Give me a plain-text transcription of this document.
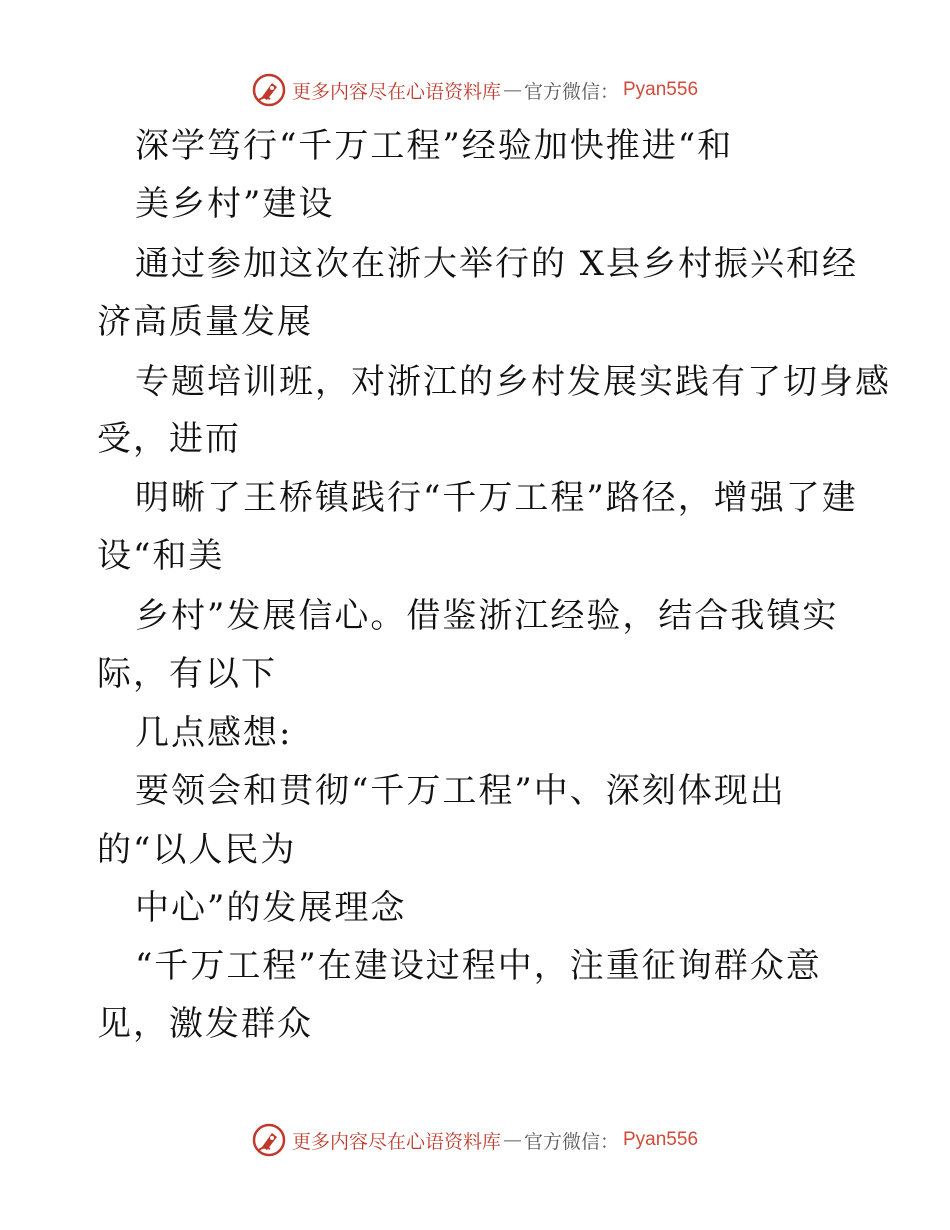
更多内容尽在心语资料库 — 官方微信： Pyan556
深学笃行“千万工程”经验加快推进“和
美乡村”建设
通过参加这次在浙大举行的 X县乡村振兴和经
济高质量发展
专题培训班，对浙江的乡村发展实践有了切身感
受，进而
明晰了王桥镇践行“千万工程”路径，增强了建
设“和美
乡村”发展信心。借鉴浙江经验，结合我镇实
际，有以下
几点感想:
要领会和贯彻“千万工程”中、深刻体现出
的“以人民为
中心”的发展理念
“千万工程”在建设过程中，注重征询群众意
见，激发群众
更多内容尽在心语资料库 — 官方微信： Pyan556
